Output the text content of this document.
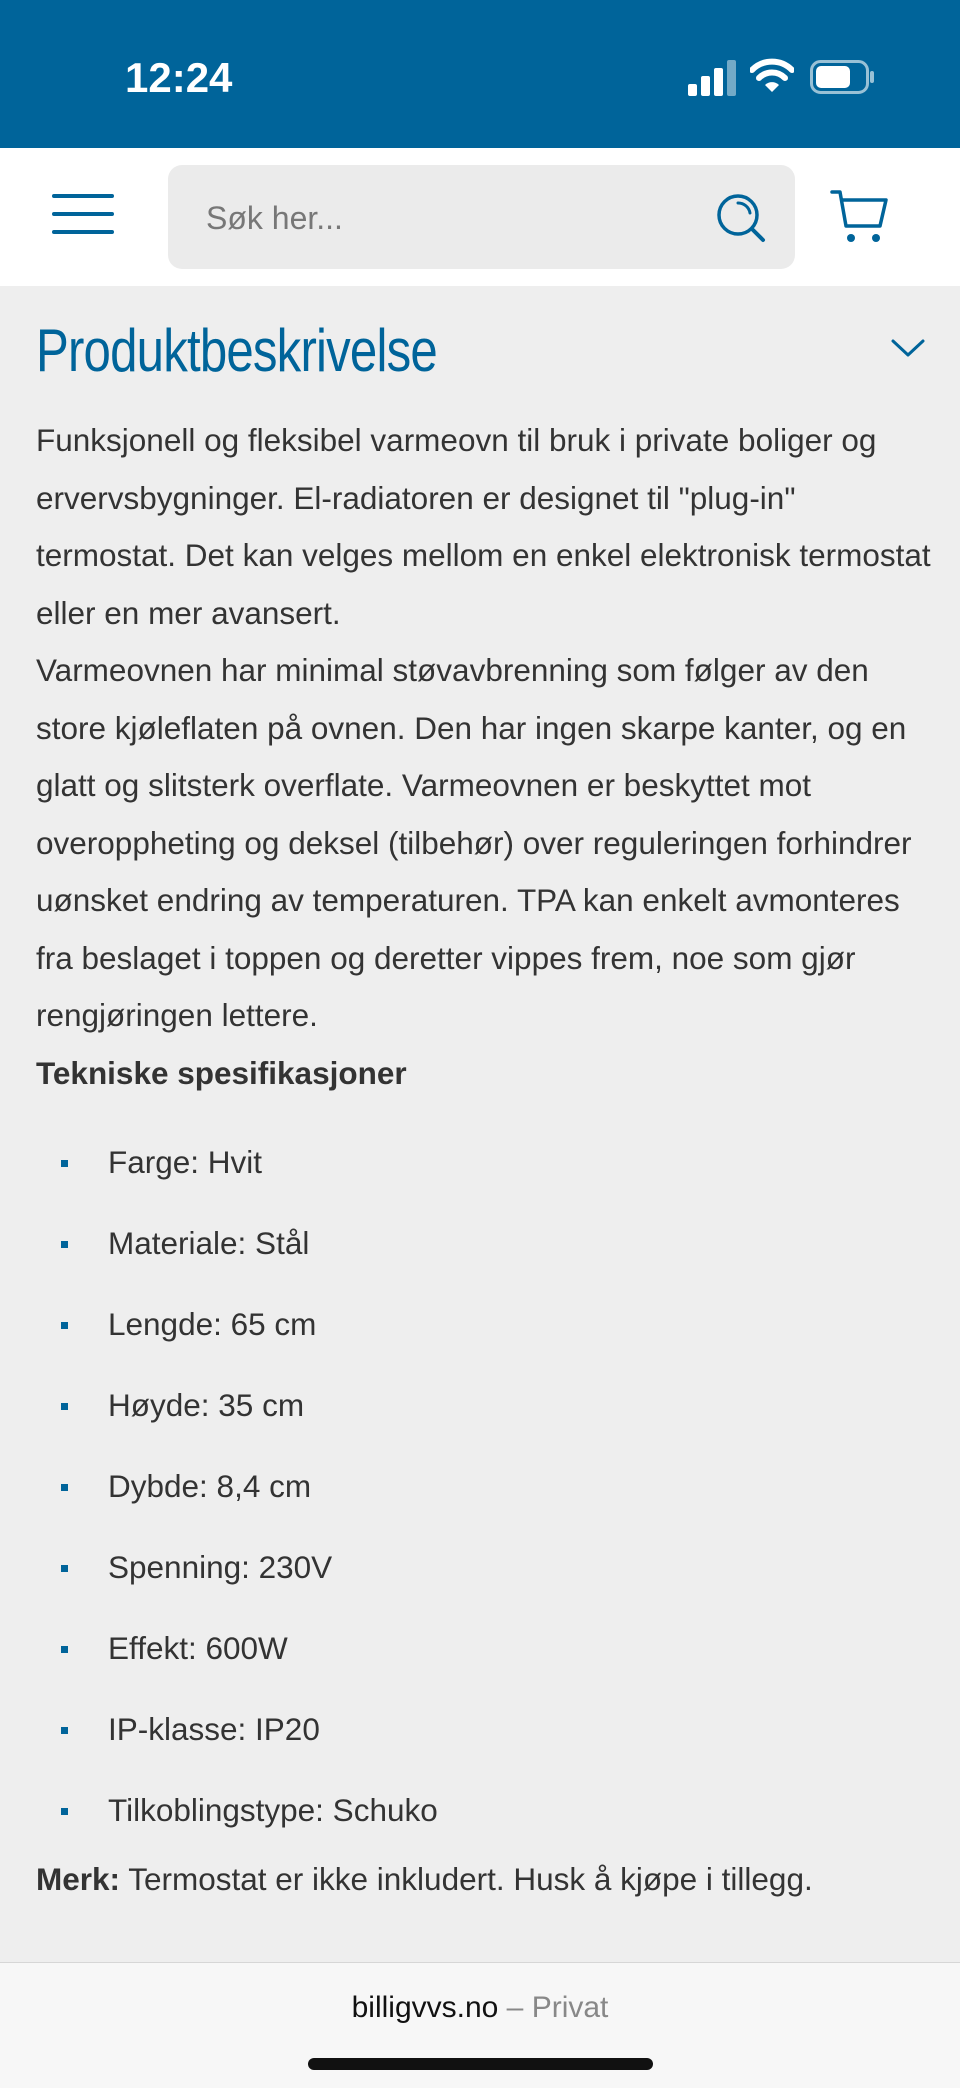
12:24
Søk her...
Produktbeskrivelse

Funksjonell og fleksibel varmeovn til bruk i private boliger og ervervsbygninger. El-radiatoren er designet til "plug-in" termostat. Det kan velges mellom en enkel elektronisk termostat eller en mer avansert.

Varmeovnen har minimal støvavbrenning som følger av den store kjøleflaten på ovnen. Den har ingen skarpe kanter, og en glatt og slitsterk overflate. Varmeovnen er beskyttet mot overoppheting og deksel (tilbehør) over reguleringen forhindrer uønsket endring av temperaturen. TPA kan enkelt avmonteres fra beslaget i toppen og deretter vippes frem, noe som gjør rengjøringen lettere.

Tekniske spesifikasjoner

Farge: Hvit
Materiale: Stål
Lengde: 65 cm
Høyde: 35 cm
Dybde: 8,4 cm
Spenning: 230V
Effekt: 600W
IP-klasse: IP20
Tilkoblingstype: Schuko

Merk: Termostat er ikke inkludert. Husk å kjøpe i tillegg.

billigvvs.no – Privat
